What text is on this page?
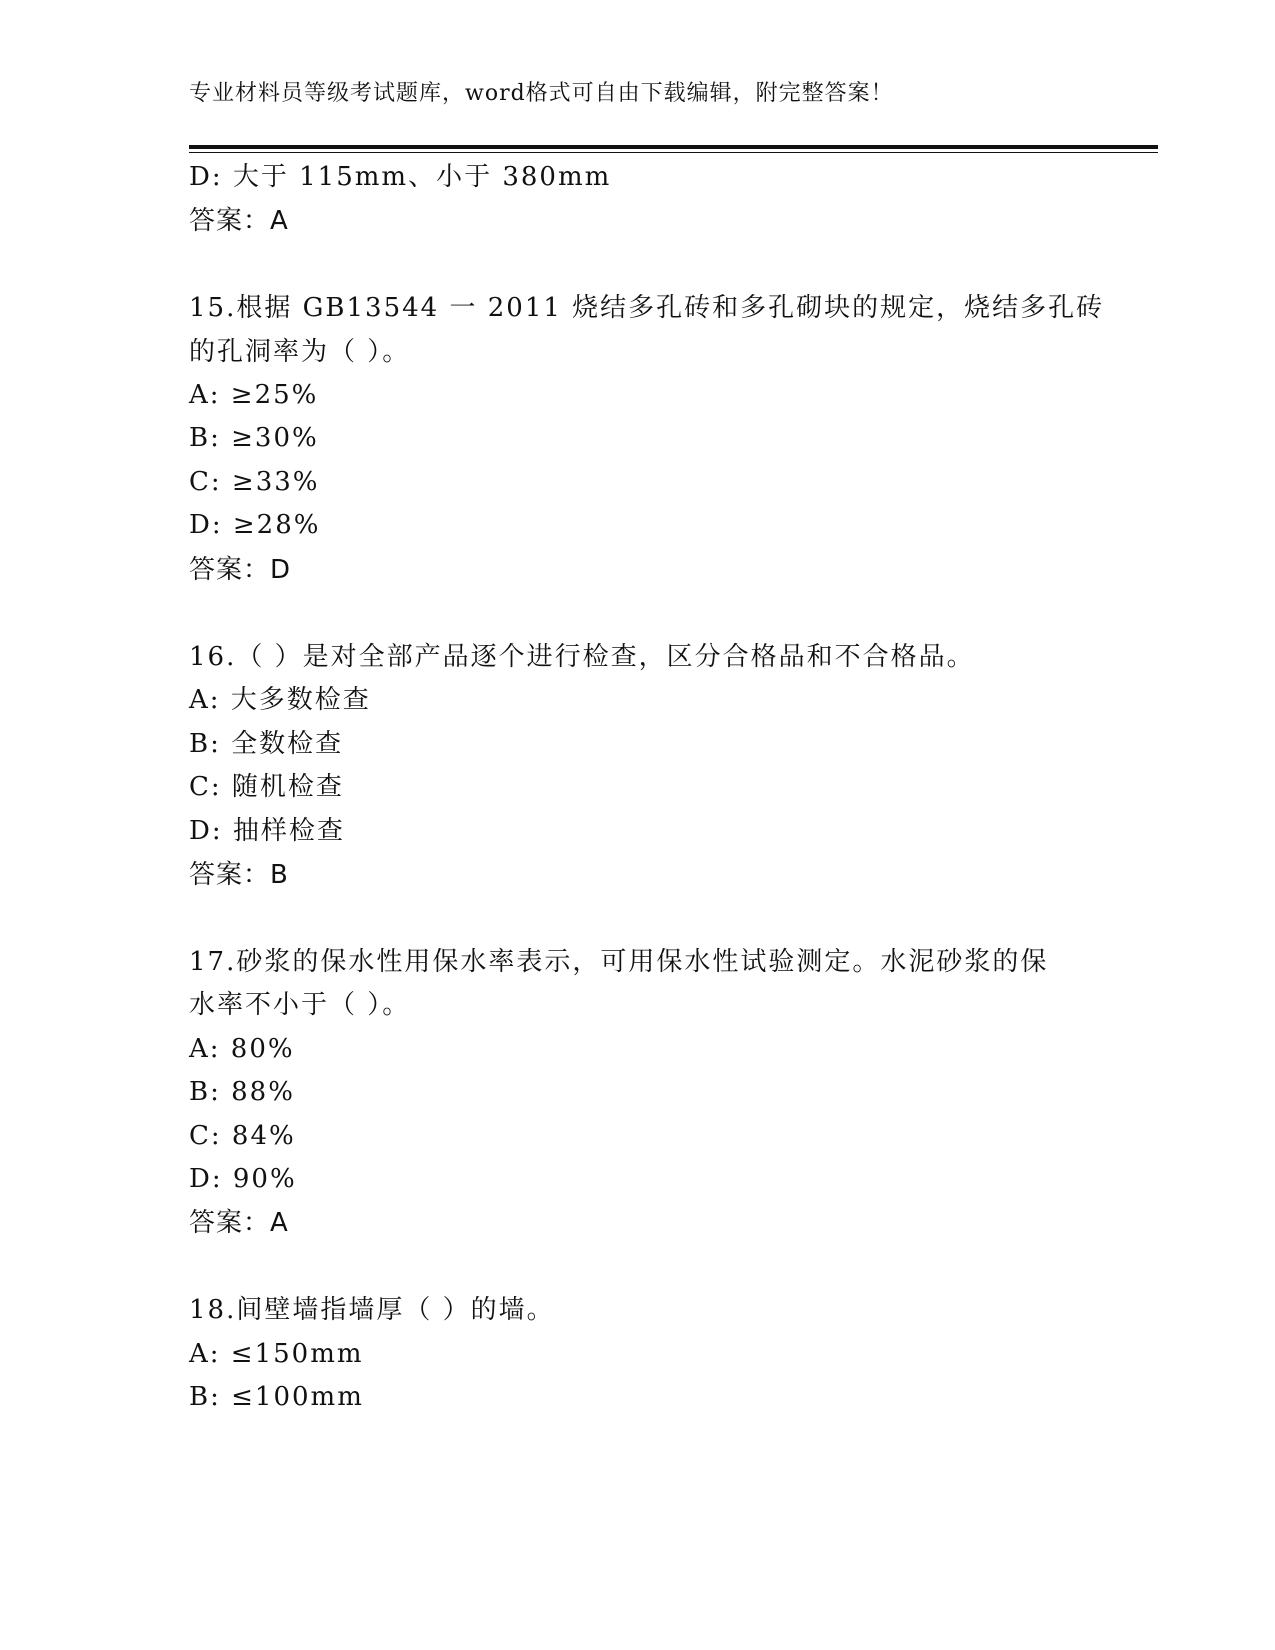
专业材料员等级考试题库，word格式可自由下载编辑，附完整答案！
D: 大于 115mm、小于 380mm
答案：A
15.根据 GB13544 一 2011 烧结多孔砖和多孔砌块的规定，烧结多孔砖
的孔洞率为（ ）。
A: ≥25%
B: ≥30%
C: ≥33%
D: ≥28%
答案：D
16.（ ）是对全部产品逐个进行检查，区分合格品和不合格品。
A: 大多数检查
B: 全数检查
C: 随机检查
D: 抽样检查
答案：B
17.砂浆的保水性用保水率表示，可用保水性试验测定。水泥砂浆的保
水率不小于（ ）。
A: 80%
B: 88%
C: 84%
D: 90%
答案：A
18.间壁墙指墙厚（ ）的墙。
A: ≤150mm
B: ≤100mm
